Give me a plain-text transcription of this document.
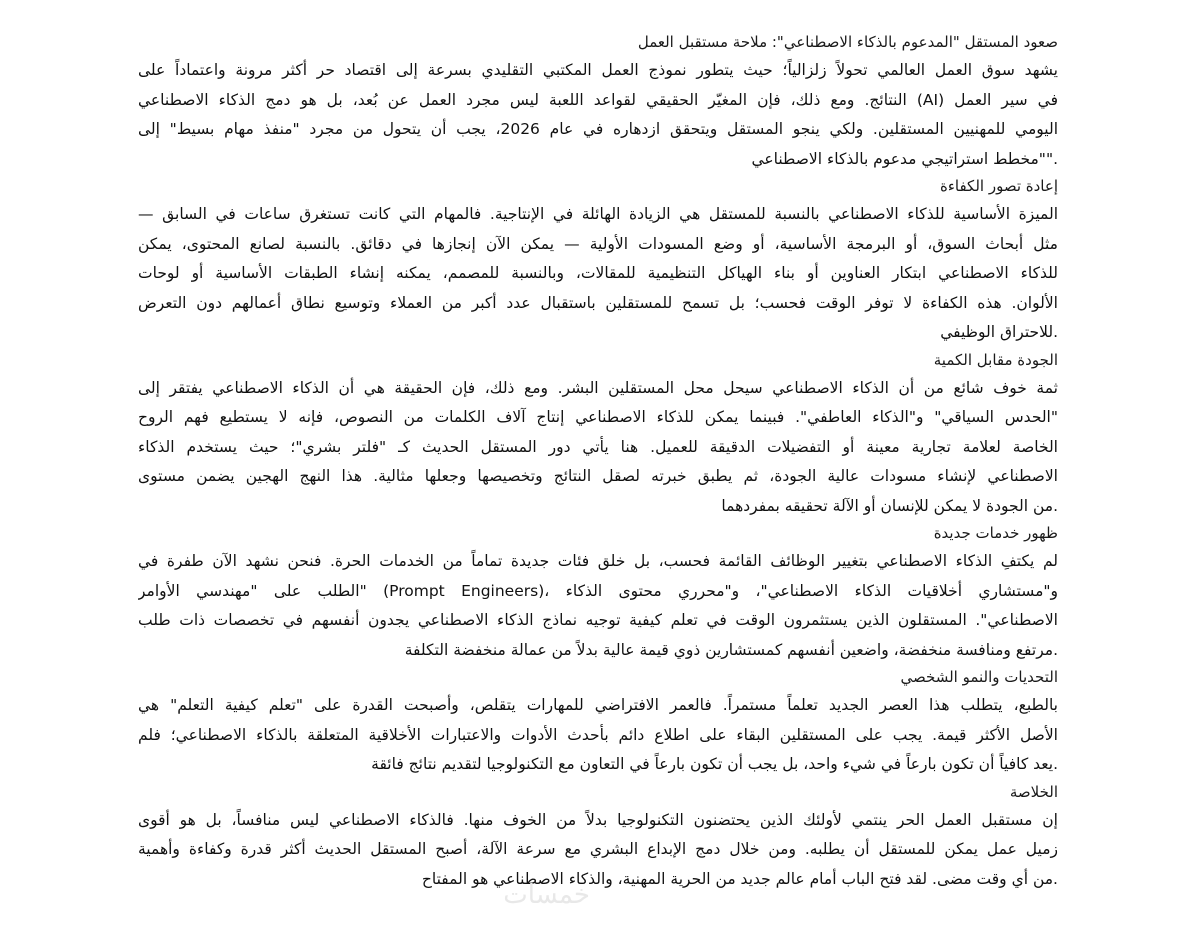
صعود المستقل "المدعوم بالذكاء الاصطناعي": ملاحة مستقبل العمل
يشهد سوق العمل العالمي تحولاً زلزالياً؛ حيث يتطور نموذج العمل المكتبي التقليدي بسرعة إلى اقتصاد حر أكثر مرونة واعتماداً على
في سير العمل (AI) النتائج. ومع ذلك، فإن المغيّر الحقيقي لقواعد اللعبة ليس مجرد العمل عن بُعد، بل هو دمج الذكاء الاصطناعي
اليومي للمهنيين المستقلين. ولكي ينجو المستقل ويتحقق ازدهاره في عام 2026، يجب أن يتحول من مجرد "منفذ مهام بسيط" إلى
.""مخطط استراتيجي مدعوم بالذكاء الاصطناعي
إعادة تصور الكفاءة
الميزة الأساسية للذكاء الاصطناعي بالنسبة للمستقل هي الزيادة الهائلة في الإنتاجية. فالمهام التي كانت تستغرق ساعات في السابق —
مثل أبحاث السوق، أو البرمجة الأساسية، أو وضع المسودات الأولية — يمكن الآن إنجازها في دقائق. بالنسبة لصانع المحتوى، يمكن
للذكاء الاصطناعي ابتكار العناوين أو بناء الهياكل التنظيمية للمقالات، وبالنسبة للمصمم، يمكنه إنشاء الطبقات الأساسية أو لوحات
الألوان. هذه الكفاءة لا توفر الوقت فحسب؛ بل تسمح للمستقلين باستقبال عدد أكبر من العملاء وتوسيع نطاق أعمالهم دون التعرض
.للاحتراق الوظيفي
الجودة مقابل الكمية
ثمة خوف شائع من أن الذكاء الاصطناعي سيحل محل المستقلين البشر. ومع ذلك، فإن الحقيقة هي أن الذكاء الاصطناعي يفتقر إلى
"الحدس السياقي" و"الذكاء العاطفي". فبينما يمكن للذكاء الاصطناعي إنتاج آلاف الكلمات من النصوص، فإنه لا يستطيع فهم الروح
الخاصة لعلامة تجارية معينة أو التفضيلات الدقيقة للعميل. هنا يأتي دور المستقل الحديث كـ "فلتر بشري"؛ حيث يستخدم الذكاء
الاصطناعي لإنشاء مسودات عالية الجودة، ثم يطبق خبرته لصقل النتائج وتخصيصها وجعلها مثالية. هذا النهج الهجين يضمن مستوى
.من الجودة لا يمكن للإنسان أو الآلة تحقيقه بمفردهما
ظهور خدمات جديدة
لم يكتفِ الذكاء الاصطناعي بتغيير الوظائف القائمة فحسب، بل خلق فئات جديدة تماماً من الخدمات الحرة. فنحن نشهد الآن طفرة في
و"مستشاري أخلاقيات الذكاء الاصطناعي"، و"محرري محتوى الذكاء ،(Prompt Engineers) "الطلب على "مهندسي الأوامر
الاصطناعي". المستقلون الذين يستثمرون الوقت في تعلم كيفية توجيه نماذج الذكاء الاصطناعي يجدون أنفسهم في تخصصات ذات طلب
.مرتفع ومنافسة منخفضة، واضعين أنفسهم كمستشارين ذوي قيمة عالية بدلاً من عمالة منخفضة التكلفة
التحديات والنمو الشخصي
بالطبع، يتطلب هذا العصر الجديد تعلماً مستمراً. فالعمر الافتراضي للمهارات يتقلص، وأصبحت القدرة على "تعلم كيفية التعلم" هي
الأصل الأكثر قيمة. يجب على المستقلين البقاء على اطلاع دائم بأحدث الأدوات والاعتبارات الأخلاقية المتعلقة بالذكاء الاصطناعي؛ فلم
.يعد كافياً أن تكون بارعاً في شيء واحد، بل يجب أن تكون بارعاً في التعاون مع التكنولوجيا لتقديم نتائج فائقة
الخلاصة
إن مستقبل العمل الحر ينتمي لأولئك الذين يحتضنون التكنولوجيا بدلاً من الخوف منها. فالذكاء الاصطناعي ليس منافساً، بل هو أقوى
زميل عمل يمكن للمستقل أن يطلبه. ومن خلال دمج الإبداع البشري مع سرعة الآلة، أصبح المستقل الحديث أكثر قدرة وكفاءة وأهمية
.من أي وقت مضى. لقد فتح الباب أمام عالم جديد من الحرية المهنية، والذكاء الاصطناعي هو المفتاح
خمسات
